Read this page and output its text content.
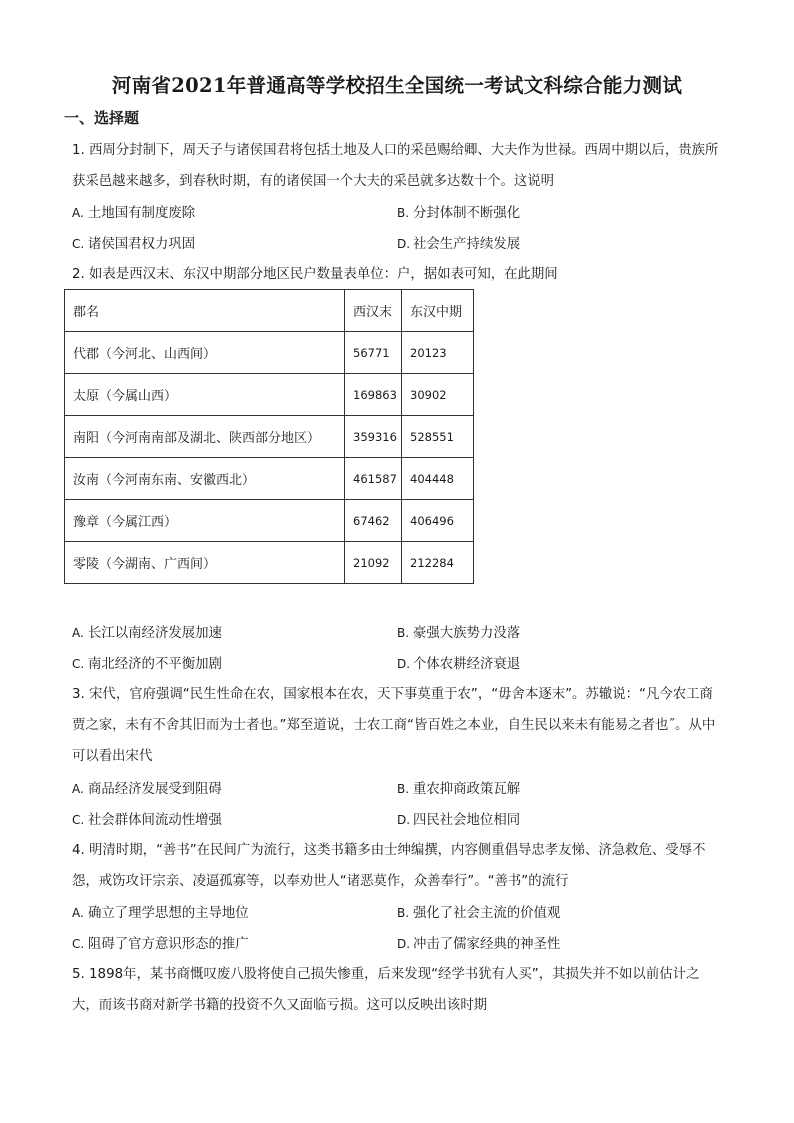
河南省2021年普通高等学校招生全国统一考试文科综合能力测试
一、选择题
1. 西周分封制下，周天子与诸侯国君将包括土地及人口的采邑赐给卿、大夫作为世禄。西周中期以后，贵族所获采邑越来越多，到春秋时期，有的诸侯国一个大夫的采邑就多达数十个。这说明
A. 土地国有制度废除	B. 分封体制不断强化
C. 诸侯国君权力巩固	D. 社会生产持续发展
2. 如表是西汉末、东汉中期部分地区民户数量表单位：户，据如表可知，在此期间
郡名	西汉末	东汉中期
代郡（今河北、山西间）	56771	20123
太原（今属山西）	169863	30902
南阳（今河南南部及湖北、陕西部分地区）	359316	528551
汝南（今河南东南、安徽西北）	461587	404448
豫章（今属江西）	67462	406496
零陵（今湖南、广西间）	21092	212284
A. 长江以南经济发展加速	B. 豪强大族势力没落
C. 南北经济的不平衡加剧	D. 个体农耕经济衰退
3. 宋代，官府强调“民生性命在农，国家根本在农，天下事莫重于农”，“毋舍本逐末”。苏辙说：“凡今农工商贾之家，未有不舍其旧而为士者也。”郑至道说，士农工商“皆百姓之本业，自生民以来未有能易之者也˝。从中可以看出宋代
A. 商品经济发展受到阻碍	B. 重农抑商政策瓦解
C. 社会群体间流动性增强	D. 四民社会地位相同
4. 明清时期，“善书”在民间广为流行，这类书籍多由士绅编撰，内容侧重倡导忠孝友悌、济急救危、受辱不怨，戒饬攻讦宗亲、凌逼孤寡等，以奉劝世人“诸恶莫作，众善奉行”。“善书”的流行
A. 确立了理学思想的主导地位	B. 强化了社会主流的价值观
C. 阻碍了官方意识形态的推广	D. 冲击了儒家经典的神圣性
5. 1898年，某书商慨叹废八股将使自己损失惨重，后来发现“经学书犹有人买”，其损失并不如以前估计之大，而该书商对新学书籍的投资不久又面临亏损。这可以反映出该时期
